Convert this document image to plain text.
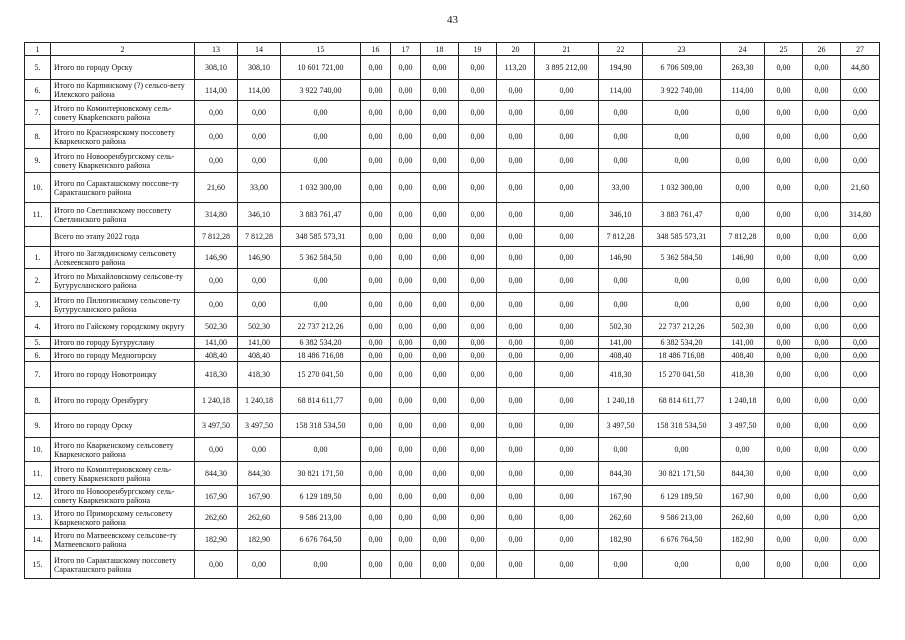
43
1	2	13	14	15	16	17	18	19	20	21	22	23	24	25	26	27
5.	Итого по городу Орску	308,10	308,10	10 601 721,00	0,00	0,00	0,00	0,00	113,20	3 895 212,00	194,90	6 706 509,00	263,30	0,00	0,00	44,80
6.	Итого по Карпинскому (?) сельсо-вету Илекского района	114,00	114,00	3 922 740,00	0,00	0,00	0,00	0,00	0,00	0,00	114,00	3 922 740,00	114,00	0,00	0,00	0,00
7.	Итого по Коминтерновскому сель-совету Кварkenского района	0,00	0,00	0,00	0,00	0,00	0,00	0,00	0,00	0,00	0,00	0,00	0,00	0,00	0,00	0,00
8.	Итого по Красноярскому поссовету Кваркенского района	0,00	0,00	0,00	0,00	0,00	0,00	0,00	0,00	0,00	0,00	0,00	0,00	0,00	0,00	0,00
9.	Итого по Новооренбургскому сель-совету Кваркенского района	0,00	0,00	0,00	0,00	0,00	0,00	0,00	0,00	0,00	0,00	0,00	0,00	0,00	0,00	0,00
10.	Итого по Саракташскому поссове-ту Саракташского района	21,60	33,00	1 032 300,00	0,00	0,00	0,00	0,00	0,00	0,00	33,00	1 032 300,00	0,00	0,00	0,00	21,60
11.	Итого по Светлинскому поссовету Светлинского района	314,80	346,10	3 883 761,47	0,00	0,00	0,00	0,00	0,00	0,00	346,10	3 883 761,47	0,00	0,00	0,00	314,80
	Всего по этапу 2022 года	7 812,28	7 812,28	348 585 573,31	0,00	0,00	0,00	0,00	0,00	0,00	7 812,28	348 585 573,31	7 812,28	0,00	0,00	0,00
1.	Итого по Заглядинскому сельсовету Асекеевского района	146,90	146,90	5 362 584,50	0,00	0,00	0,00	0,00	0,00	0,00	146,90	5 362 584,50	146,90	0,00	0,00	0,00
2.	Итого по Михайловскому сельсове-ту Бугурусланского района	0,00	0,00	0,00	0,00	0,00	0,00	0,00	0,00	0,00	0,00	0,00	0,00	0,00	0,00	0,00
3.	Итого по Пилюгинскому сельсове-ту Бугурусланского района	0,00	0,00	0,00	0,00	0,00	0,00	0,00	0,00	0,00	0,00	0,00	0,00	0,00	0,00	0,00
4.	Итого по Гайскому городскому округу	502,30	502,30	22 737 212,26	0,00	0,00	0,00	0,00	0,00	0,00	502,30	22 737 212,26	502,30	0,00	0,00	0,00
5.	Итого по городу Бугуруслану	141,00	141,00	6 382 534,20	0,00	0,00	0,00	0,00	0,00	0,00	141,00	6 382 534,20	141,00	0,00	0,00	0,00
6.	Итого по городу Медногорску	408,40	408,40	18 486 716,08	0,00	0,00	0,00	0,00	0,00	0,00	408,40	18 486 716,08	408,40	0,00	0,00	0,00
7.	Итого по городу Новотроицку	418,30	418,30	15 270 041,50	0,00	0,00	0,00	0,00	0,00	0,00	418,30	15 270 041,50	418,30	0,00	0,00	0,00
8.	Итого по городу Оренбургу	1 240,18	1 240,18	68 814 611,77	0,00	0,00	0,00	0,00	0,00	0,00	1 240,18	68 814 611,77	1 240,18	0,00	0,00	0,00
9.	Итого по городу Орску	3 497,50	3 497,50	158 318 534,50	0,00	0,00	0,00	0,00	0,00	0,00	3 497,50	158 318 534,50	3 497,50	0,00	0,00	0,00
10.	Итого по Кваркенскому сельсовету Кваркенского района	0,00	0,00	0,00	0,00	0,00	0,00	0,00	0,00	0,00	0,00	0,00	0,00	0,00	0,00	0,00
11.	Итого по Коминтерновскому сель-совету Кваркенского района	844,30	844,30	30 821 171,50	0,00	0,00	0,00	0,00	0,00	0,00	844,30	30 821 171,50	844,30	0,00	0,00	0,00
12.	Итого по Новооренбургскому сель-совету Кваркенского района	167,90	167,90	6 129 189,50	0,00	0,00	0,00	0,00	0,00	0,00	167,90	6 129 189,50	167,90	0,00	0,00	0,00
13.	Итого по Приморскому сельсовету Кваркенского района	262,60	262,60	9 586 213,00	0,00	0,00	0,00	0,00	0,00	0,00	262,60	9 586 213,00	262,60	0,00	0,00	0,00
14.	Итого по Матвеевскому сельсове-ту Матвеевского района	182,90	182,90	6 676 764,50	0,00	0,00	0,00	0,00	0,00	0,00	182,90	6 676 764,50	182,90	0,00	0,00	0,00
15.	Итого по Саракташскому поссовету Саракташского района	0,00	0,00	0,00	0,00	0,00	0,00	0,00	0,00	0,00	0,00	0,00	0,00	0,00	0,00	0,00
